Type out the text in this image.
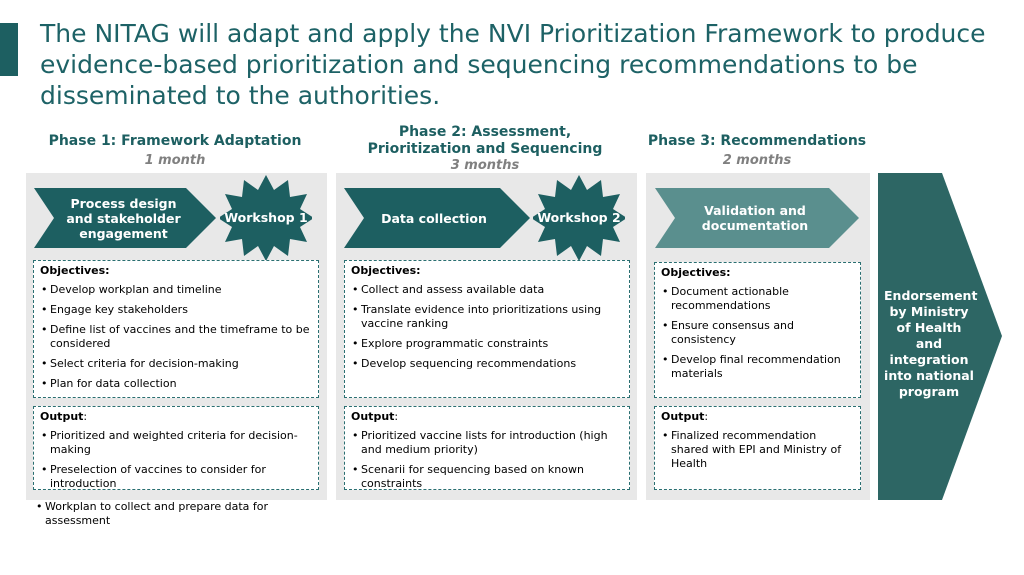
The NITAG will adapt and apply the NVI Prioritization Framework to produce evidence-based prioritization and sequencing recommendations to be disseminated to the authorities.
Phase 1: Framework Adaptation
1 month
Phase 2: Assessment, Prioritization and Sequencing
3 months
Phase 3: Recommendations
2 months
Process design and stakeholder engagement
Workshop 1	Data collection	Workshop 2	Validation and documentation
Objectives:
• Develop workplan and timeline
• Engage key stakeholders
• Define list of vaccines and the timeframe to be considered
• Select criteria for decision-making
• Plan for data collection
Output:
• Prioritized and weighted criteria for decision-making
• Preselection of vaccines to consider for introduction
• Workplan to collect and prepare data for assessment
Objectives:
• Collect and assess available data
• Translate evidence into prioritizations using vaccine ranking
• Explore programmatic constraints
• Develop sequencing recommendations
Output:
• Prioritized vaccine lists for introduction (high and medium priority)
• Scenarii for sequencing based on known constraints
Objectives:
• Document actionable recommendations
• Ensure consensus and consistency
• Develop final recommendation materials
Output:
• Finalized recommendation shared with EPI and Ministry of Health
Endorsement by Ministry of Health and integration into national program
